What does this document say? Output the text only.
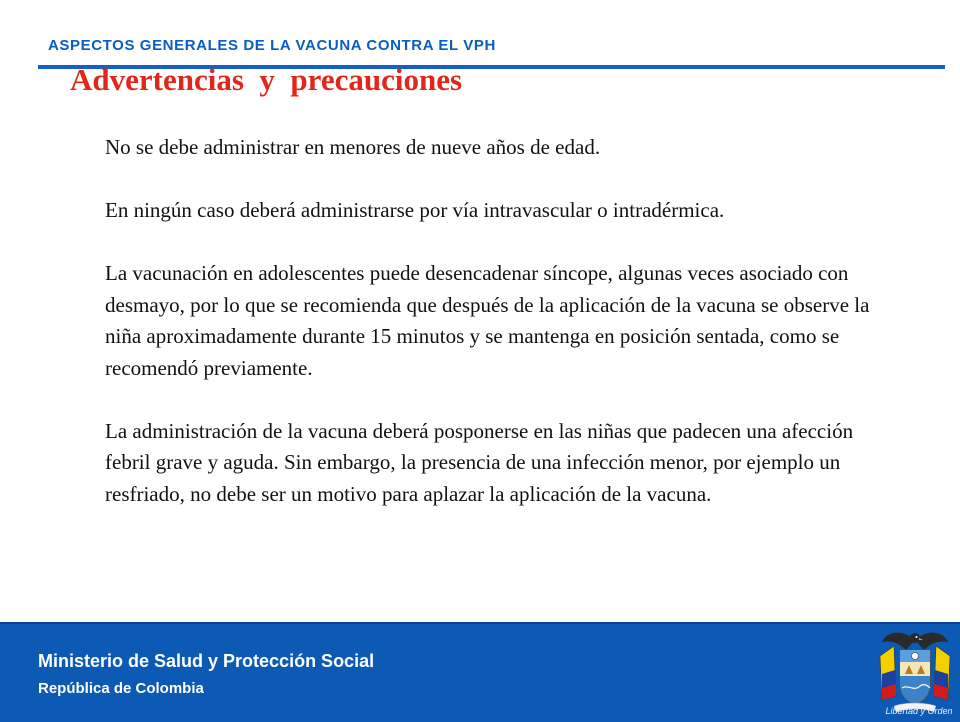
ASPECTOS GENERALES DE LA VACUNA CONTRA EL VPH
Advertencias  y  precauciones

No se debe administrar en menores de nueve años de edad.

En ningún caso deberá administrarse por vía intravascular o intradérmica.

La vacunación en adolescentes puede desencadenar síncope, algunas veces asociado con desmayo, por lo que se recomienda que después de la aplicación de la vacuna se observe la niña aproximadamente durante 15 minutos y se mantenga en posición sentada, como se recomendó previamente.

La administración de la vacuna deberá posponerse en las niñas que padecen una afección febril grave y aguda. Sin embargo, la presencia de una infección menor, por ejemplo un resfriado, no debe ser un motivo para aplazar la aplicación de la vacuna.

Ministerio de Salud y Protección Social
República de Colombia
Libertad y Orden
